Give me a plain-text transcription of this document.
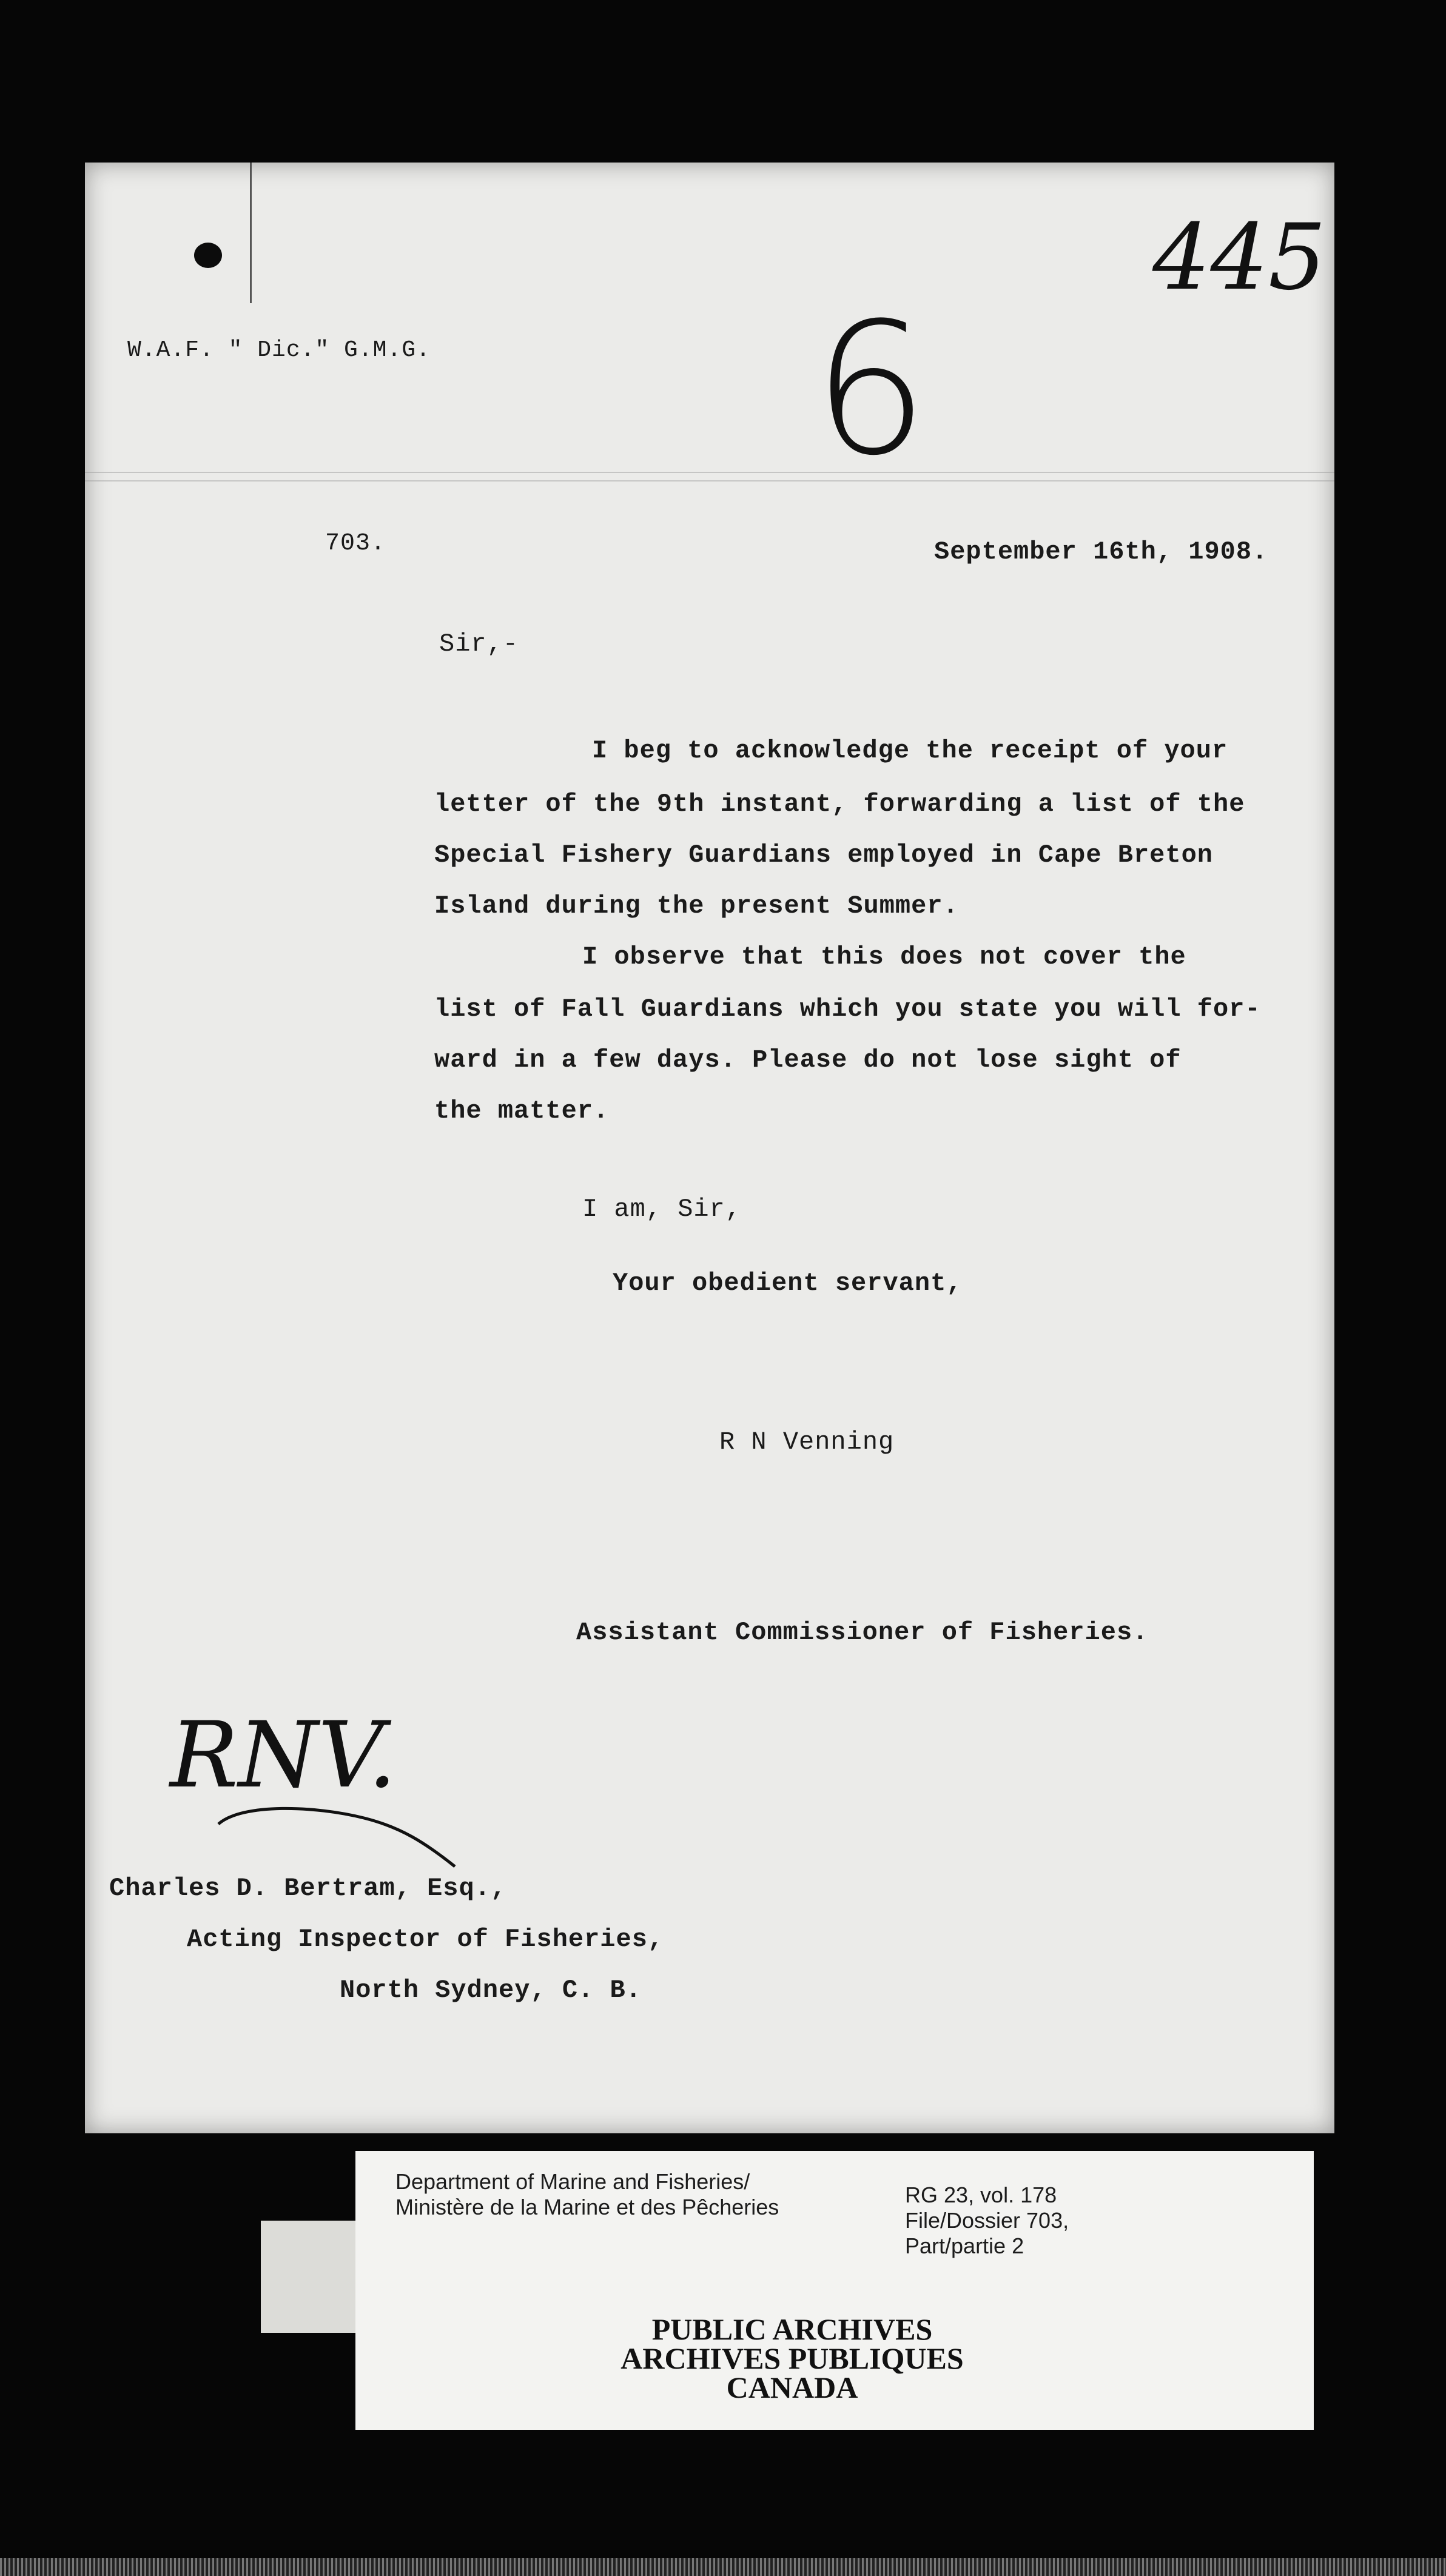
445
6
W.A.F. " Dic." G.M.G.
703.	September 16th, 1908.
Sir,-
I beg to acknowledge the receipt of your
letter of the 9th instant, forwarding a list of the
Special Fishery Guardians employed in Cape Breton
Island during the present Summer.
I observe that this does not cover the
list of Fall Guardians which you state you will for-
ward in a few days. Please do not lose sight of
the matter.
I am, Sir,
Your obedient servant,
R N Venning
Assistant Commissioner of Fisheries.
RNV.
Charles D. Bertram, Esq.,
Acting Inspector of Fisheries,
North Sydney, C. B.
Department of Marine and Fisheries/
Ministère de la Marine et des Pêcheries	RG 23, vol. 178
File/Dossier 703,
Part/partie 2
PUBLIC ARCHIVES
ARCHIVES PUBLIQUES
CANADA
